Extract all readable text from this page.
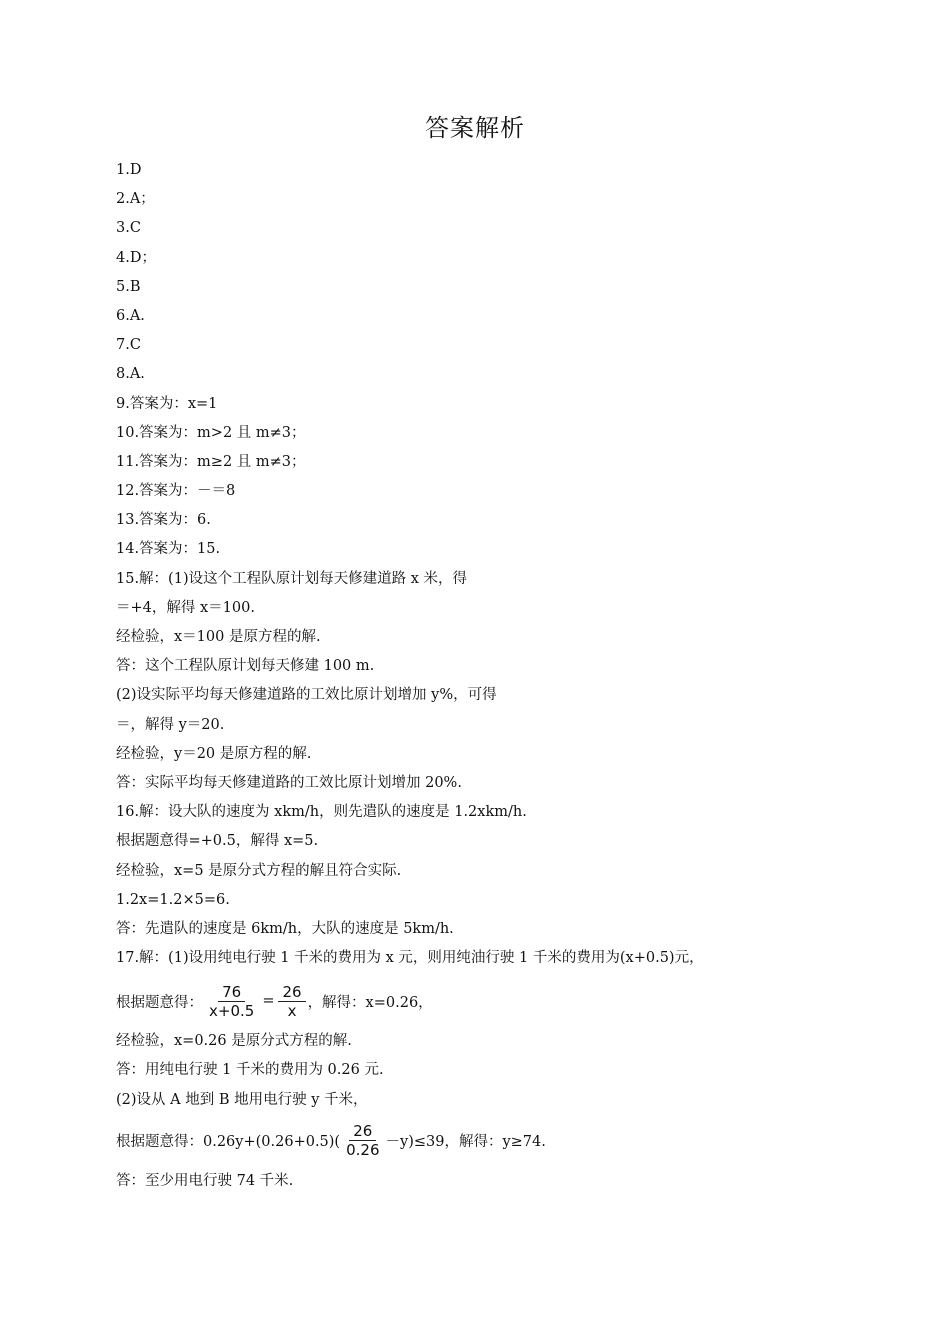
答案解析
1.D
2.A；
3.C
4.D；
5.B
6.A.
7.C
8.A.
9.答案为：x=1
10.答案为：m>2 且 m≠3；
11.答案为：m≥2 且 m≠3；
12.答案为：－＝8
13.答案为：6.
14.答案为：15.
15.解：(1)设这个工程队原计划每天修建道路 x 米，得
＝+4，解得 x＝100.
经检验，x＝100 是原方程的解.
答：这个工程队原计划每天修建 100 m.
(2)设实际平均每天修建道路的工效比原计划增加 y%，可得
＝，解得 y＝20.
经检验，y＝20 是原方程的解.
答：实际平均每天修建道路的工效比原计划增加 20%.
16.解：设大队的速度为 xkm/h，则先遣队的速度是 1.2xkm/h.
根据题意得=+0.5，解得 x=5.
经检验，x=5 是原分式方程的解且符合实际.
1.2x=1.2×5=6.
答：先遣队的速度是 6km/h，大队的速度是 5km/h.
17.解：(1)设用纯电行驶 1 千米的费用为 x 元，则用纯油行驶 1 千米的费用为(x+0.5)元，
根据题意得： $\frac{76}{x+0.5} = \frac{26}{x}$ ，解得：x=0.26，
经检验，x=0.26 是原分式方程的解.
答：用纯电行驶 1 千米的费用为 0.26 元.
(2)设从 A 地到 B 地用电行驶 y 千米，
根据题意得：$0.26y+(0.26+0.5)( \frac{26}{0.26} -y)\le 39$，解得：y≥74.
答：至少用电行驶 74 千米.
